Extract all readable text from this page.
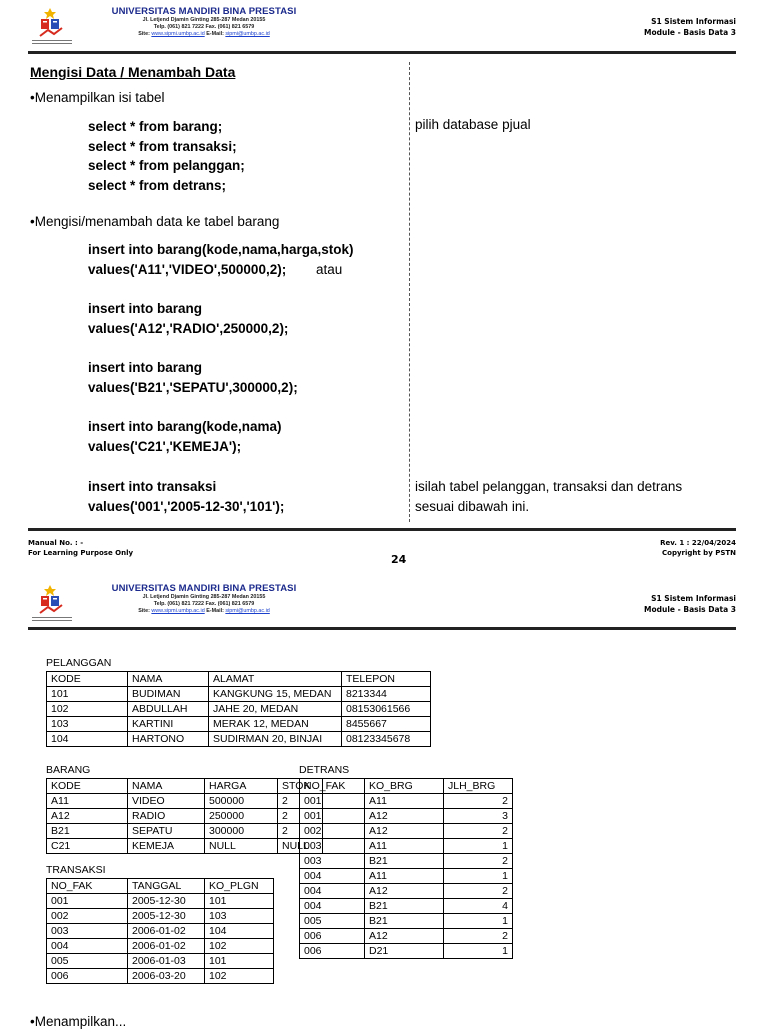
UNIVERSITAS MANDIRI BINA PRESTASI
Jl. Letjend Djamin Ginting 285-287 Medan 20155
Telp. (061) 821 7222 Fax. (061) 821 6579
Site: www.sipmi.umbp.ac.id E-Mail: sipmi@umbp.ac.id
S1 Sistem Informasi
Module - Basis Data 3
Mengisi Data / Menambah Data
•Menampilkan isi tabel
select * from barang;
select * from transaksi;
select * from pelanggan;
select * from detrans;
pilih database pjual
•Mengisi/menambah data ke tabel barang
insert into barang(kode,nama,harga,stok)
values('A11','VIDEO',500000,2); atau
insert into barang
values('A12','RADIO',250000,2);
insert into barang
values('B21','SEPATU',300000,2);
insert into barang(kode,nama)
values('C21','KEMEJA');
insert into transaksi
values('001','2005-12-30','101');
isilah tabel pelanggan, transaksi dan detrans
sesuai dibawah ini.
Manual No. : -
For Learning Purpose Only	24
Rev. 1 : 22/04/2024
Copyright by PSTN
UNIVERSITAS MANDIRI BINA PRESTASI
Jl. Letjend Djamin Ginting 285-287 Medan 20155
Telp. (061) 821 7222 Fax. (061) 821 6579
Site: www.sipmi.umbp.ac.id E-Mail: sipmi@umbp.ac.id
S1 Sistem Informasi
Module - Basis Data 3
PELANGGAN
KODE	NAMA	ALAMAT	TELEPON
101	BUDIMAN	KANGKUNG 15, MEDAN	8213344
102	ABDULLAH	JAHE 20, MEDAN	08153061566
103	KARTINI	MERAK 12, MEDAN	8455667
104	HARTONO	SUDIRMAN 20, BINJAI	08123345678
BARANG
KODE	NAMA	HARGA	STOK
A11	VIDEO	500000	2
A12	RADIO	250000	2
B21	SEPATU	300000	2
C21	KEMEJA	NULL	NULL
TRANSAKSI
NO_FAK	TANGGAL	KO_PLGN
001	2005-12-30	101
002	2005-12-30	103
003	2006-01-02	104
004	2006-01-02	102
005	2006-01-03	101
006	2006-03-20	102
DETRANS
NO_FAK	KO_BRG	JLH_BRG
001	A11	2
001	A12	3
002	A12	2
003	A11	1
003	B21	2
004	A11	1
004	A12	2
004	B21	4
005	B21	1
006	A12	2
006	D21	1
•Menampilkan...
